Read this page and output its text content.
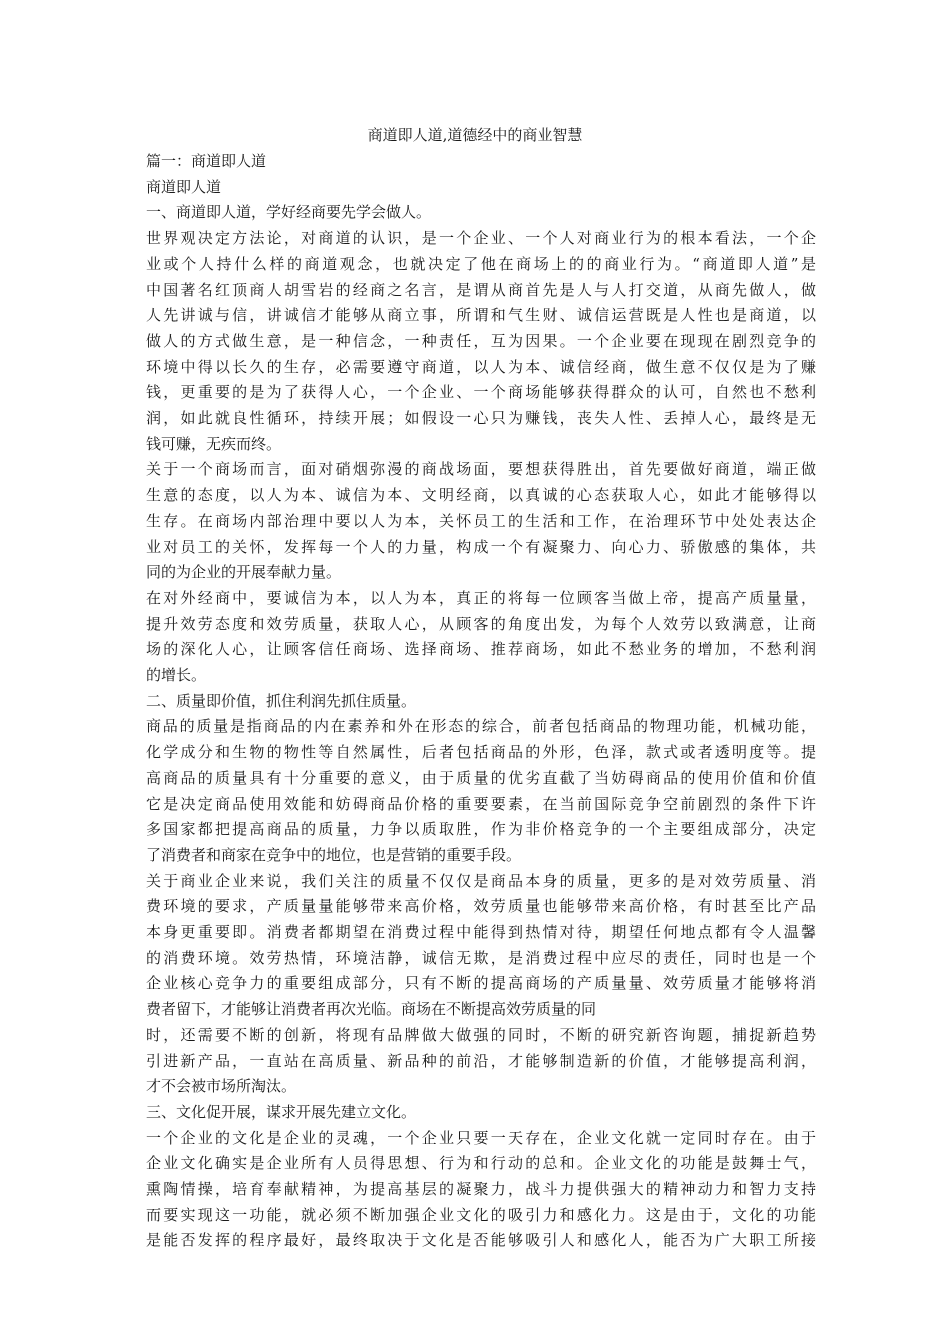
商道即人道,道德经中的商业智慧
篇一：商道即人道
商道即人道
一、商道即人道，学好经商要先学会做人。
世界观决定方法论，对商道的认识，是一个企业、一个人对商业行为的根本看法，一个企
业或个人持什么样的商道观念，也就决定了他在商场上的的商业行为。“商道即人道”是
中国著名红顶商人胡雪岩的经商之名言，是谓从商首先是人与人打交道，从商先做人，做
人先讲诚与信，讲诚信才能够从商立事，所谓和气生财、诚信运营既是人性也是商道，以
做人的方式做生意，是一种信念，一种责任，互为因果。一个企业要在现现在剧烈竞争的
环境中得以长久的生存，必需要遵守商道，以人为本、诚信经商，做生意不仅仅是为了赚
钱，更重要的是为了获得人心，一个企业、一个商场能够获得群众的认可，自然也不愁利
润，如此就良性循环，持续开展；如假设一心只为赚钱，丧失人性、丢掉人心，最终是无
钱可赚，无疾而终。
关于一个商场而言，面对硝烟弥漫的商战场面，要想获得胜出，首先要做好商道，端正做
生意的态度，以人为本、诚信为本、文明经商，以真诚的心态获取人心，如此才能够得以
生存。在商场内部治理中要以人为本，关怀员工的生活和工作，在治理环节中处处表达企
业对员工的关怀，发挥每一个人的力量，构成一个有凝聚力、向心力、骄傲感的集体，共
同的为企业的开展奉献力量。
在对外经商中，要诚信为本，以人为本，真正的将每一位顾客当做上帝，提高产质量量，
提升效劳态度和效劳质量，获取人心，从顾客的角度出发，为每个人效劳以致满意，让商
场的深化人心，让顾客信任商场、选择商场、推荐商场，如此不愁业务的增加，不愁利润
的增长。
二、质量即价值，抓住利润先抓住质量。
商品的质量是指商品的内在素养和外在形态的综合，前者包括商品的物理功能，机械功能，
化学成分和生物的物性等自然属性，后者包括商品的外形，色泽，款式或者透明度等。提
高商品的质量具有十分重要的意义，由于质量的优劣直截了当妨碍商品的使用价值和价值
它是决定商品使用效能和妨碍商品价格的重要要素，在当前国际竞争空前剧烈的条件下许
多国家都把提高商品的质量，力争以质取胜，作为非价格竞争的一个主要组成部分，决定
了消费者和商家在竞争中的地位，也是营销的重要手段。
关于商业企业来说，我们关注的质量不仅仅是商品本身的质量，更多的是对效劳质量、消
费环境的要求，产质量量能够带来高价格，效劳质量也能够带来高价格，有时甚至比产品
本身更重要即。消费者都期望在消费过程中能得到热情对待，期望任何地点都有令人温馨
的消费环境。效劳热情，环境洁静，诚信无欺，是消费过程中应尽的责任，同时也是一个
企业核心竞争力的重要组成部分，只有不断的提高商场的产质量量、效劳质量才能够将消
费者留下，才能够让消费者再次光临。商场在不断提高效劳质量的同
时，还需要不断的创新，将现有品牌做大做强的同时，不断的研究新咨询题，捕捉新趋势
引进新产品，一直站在高质量、新品种的前沿，才能够制造新的价值，才能够提高利润，
才不会被市场所淘汰。
三、文化促开展，谋求开展先建立文化。
一个企业的文化是企业的灵魂，一个企业只要一天存在，企业文化就一定同时存在。由于
企业文化确实是企业所有人员得思想、行为和行动的总和。企业文化的功能是鼓舞士气，
熏陶情操，培育奉献精神，为提高基层的凝聚力，战斗力提供强大的精神动力和智力支持
而要实现这一功能，就必须不断加强企业文化的吸引力和感化力。这是由于，文化的功能
是能否发挥的程序最好，最终取决于文化是否能够吸引人和感化人，能否为广大职工所接
